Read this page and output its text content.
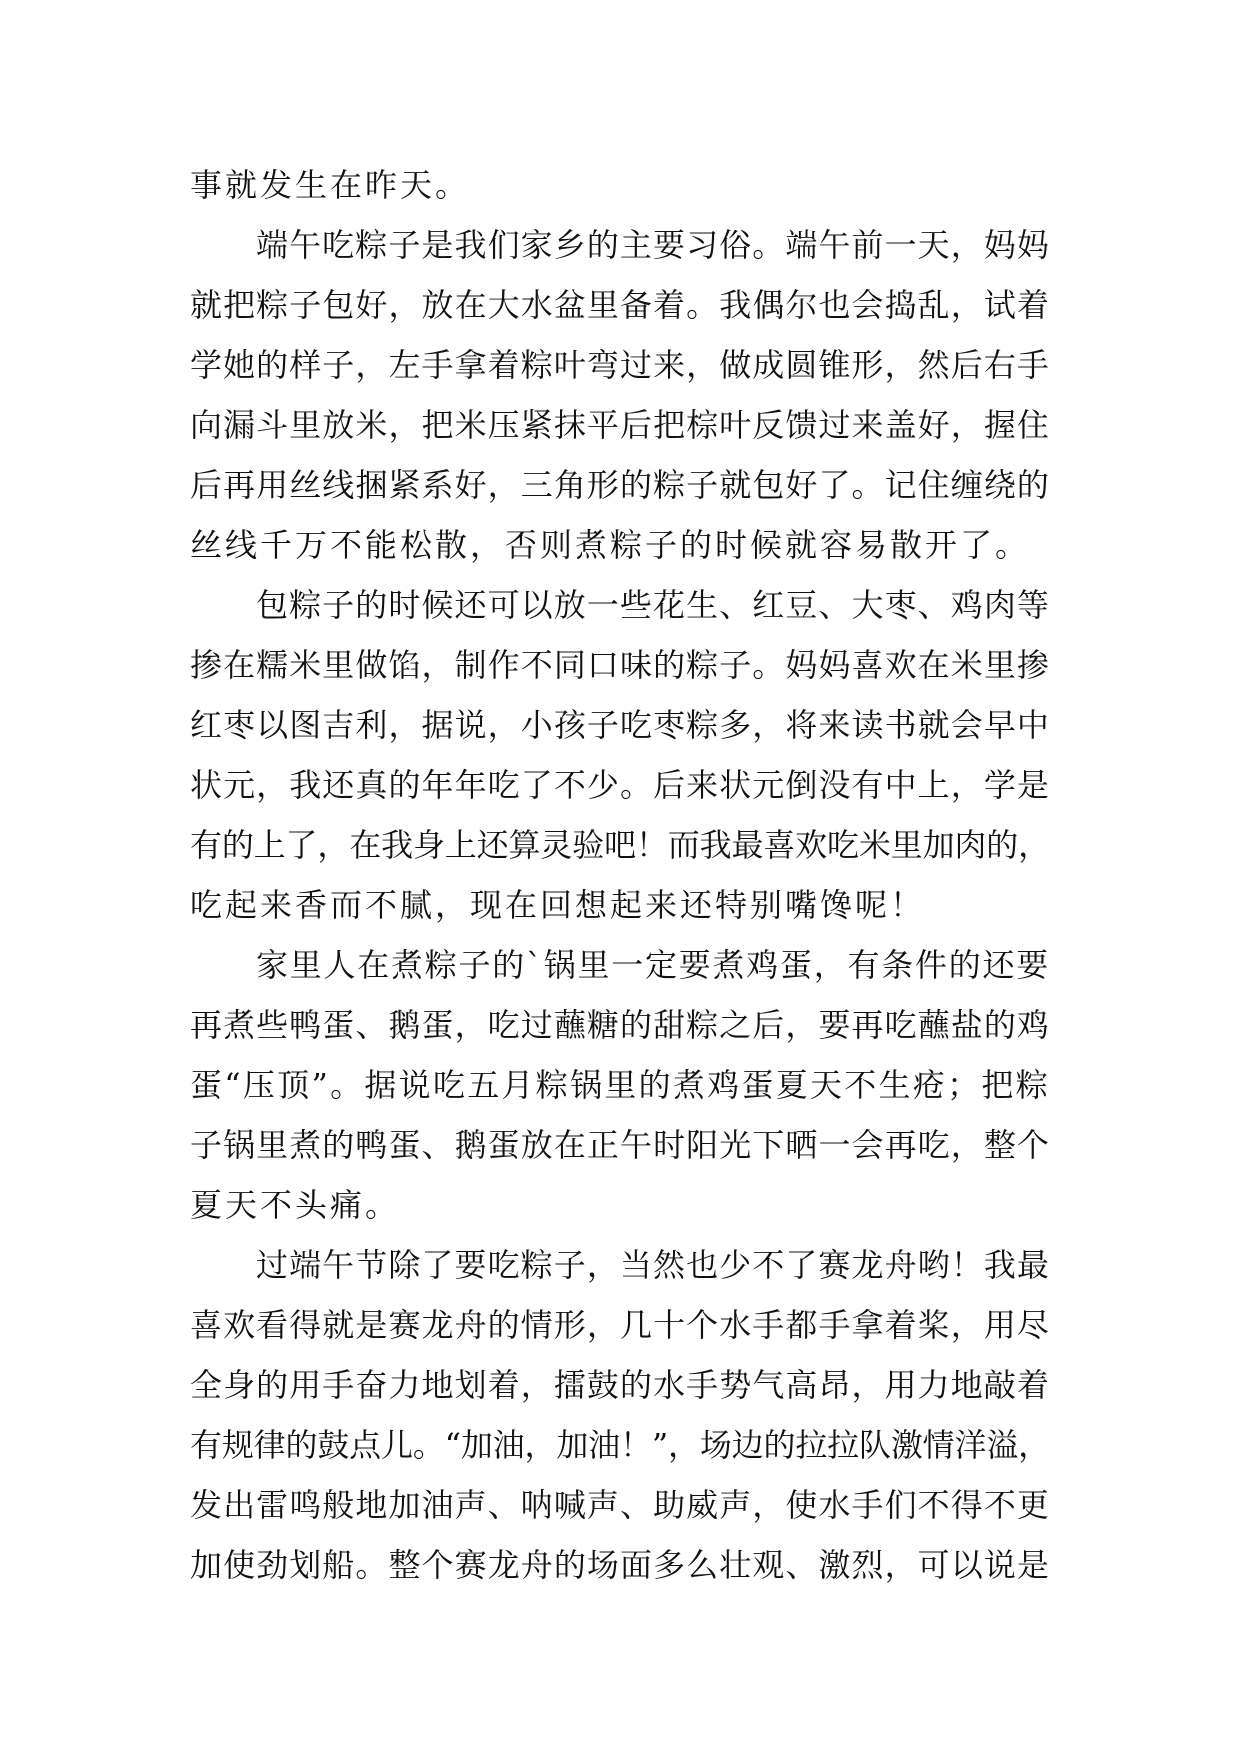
事就发生在昨天。
端午吃粽子是我们家乡的主要习俗。端午前一天，妈妈
就把粽子包好，放在大水盆里备着。我偶尔也会捣乱，试着
学她的样子，左手拿着粽叶弯过来，做成圆锥形，然后右手
向漏斗里放米，把米压紧抹平后把棕叶反馈过来盖好，握住
后再用丝线捆紧系好，三角形的粽子就包好了。记住缠绕的
丝线千万不能松散，否则煮粽子的时候就容易散开了。
包粽子的时候还可以放一些花生、红豆、大枣、鸡肉等
掺在糯米里做馅，制作不同口味的粽子。妈妈喜欢在米里掺
红枣以图吉利，据说，小孩子吃枣粽多，将来读书就会早中
状元，我还真的年年吃了不少。后来状元倒没有中上，学是
有的上了，在我身上还算灵验吧！而我最喜欢吃米里加肉的，
吃起来香而不腻，现在回想起来还特别嘴馋呢！
家里人在煮粽子的`锅里一定要煮鸡蛋，有条件的还要
再煮些鸭蛋、鹅蛋，吃过蘸糖的甜粽之后，要再吃蘸盐的鸡
蛋“压顶”。据说吃五月粽锅里的煮鸡蛋夏天不生疮；把粽
子锅里煮的鸭蛋、鹅蛋放在正午时阳光下晒一会再吃，整个
夏天不头痛。
过端午节除了要吃粽子，当然也少不了赛龙舟哟！我最
喜欢看得就是赛龙舟的情形，几十个水手都手拿着桨，用尽
全身的用手奋力地划着，擂鼓的水手势气高昂，用力地敲着
有规律的鼓点儿。“加油，加油！”，场边的拉拉队激情洋溢，
发出雷鸣般地加油声、呐喊声、助威声，使水手们不得不更
加使劲划船。整个赛龙舟的场面多么壮观、激烈，可以说是
